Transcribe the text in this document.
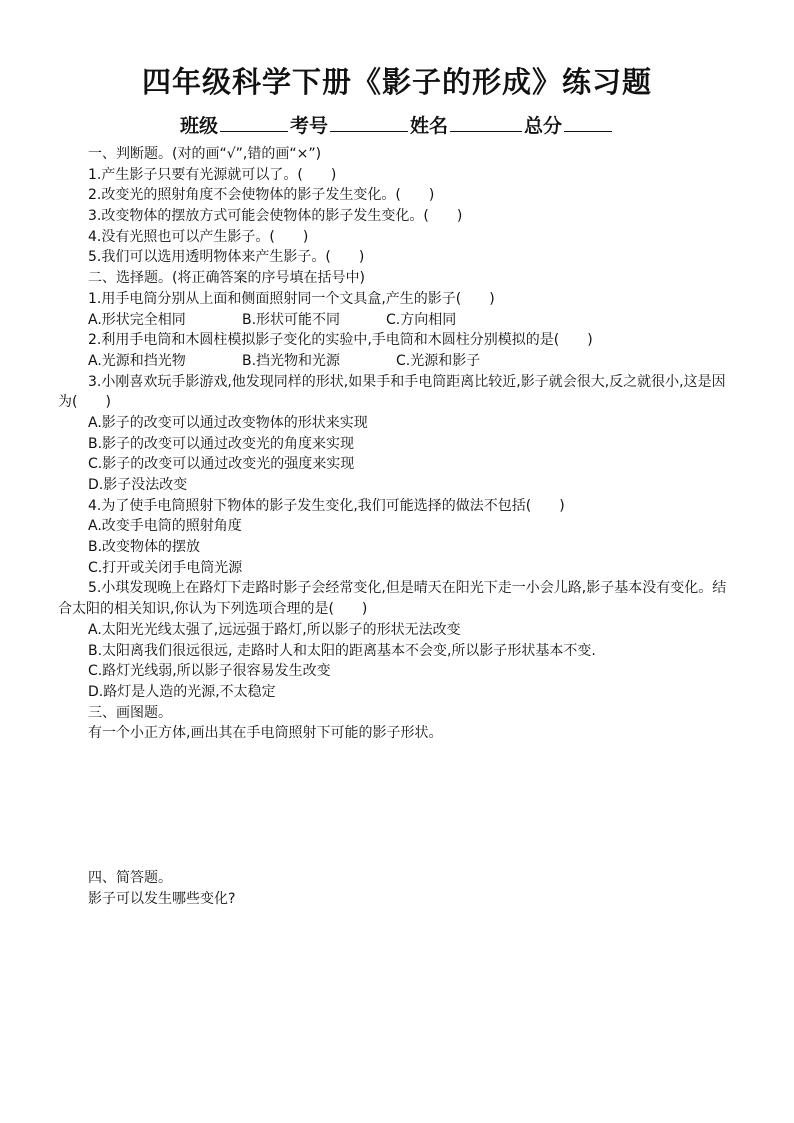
四年级科学下册《影子的形成》练习题
班级	考号	姓名	总分
一、判断题。(对的画“√”,错的画“×”)
1.产生影子只要有光源就可以了。(　　)
2.改变光的照射角度不会使物体的影子发生变化。(　　)
3.改变物体的摆放方式可能会使物体的影子发生变化。(　　)
4.没有光照也可以产生影子。(　　)
5.我们可以选用透明物体来产生影子。(　　)
二、选择题。(将正确答案的序号填在括号中)
1.用手电筒分别从上面和侧面照射同一个文具盒,产生的影子(　　)
A.形状完全相同	B.形状可能不同	C.方向相同
2.利用手电筒和木圆柱模拟影子变化的实验中,手电筒和木圆柱分别模拟的是(　　)
A.光源和挡光物	B.挡光物和光源	C.光源和影子
3.小刚喜欢玩手影游戏,他发现同样的形状,如果手和手电筒距离比较近,影子就会很大,反之就很小,这是因为(　　)
A.影子的改变可以通过改变物体的形状来实现
B.影子的改变可以通过改变光的角度来实现
C.影子的改变可以通过改变光的强度来实现
D.影子没法改变
4.为了使手电筒照射下物体的影子发生变化,我们可能选择的做法不包括(　　)
A.改变手电筒的照射角度
B.改变物体的摆放
C.打开或关闭手电筒光源
5.小琪发现晚上在路灯下走路时影子会经常变化,但是晴天在阳光下走一小会儿路,影子基本没有变化。结合太阳的相关知识,你认为下列选项合理的是(　　)
A.太阳光光线太强了,远远强于路灯,所以影子的形状无法改变
B.太阳离我们很远很远, 走路时人和太阳的距离基本不会变,所以影子形状基本不变.
C.路灯光线弱,所以影子很容易发生改变
D.路灯是人造的光源,不太稳定
三、画图题。
有一个小正方体,画出其在手电筒照射下可能的影子形状。
四、简答题。
影子可以发生哪些变化?
